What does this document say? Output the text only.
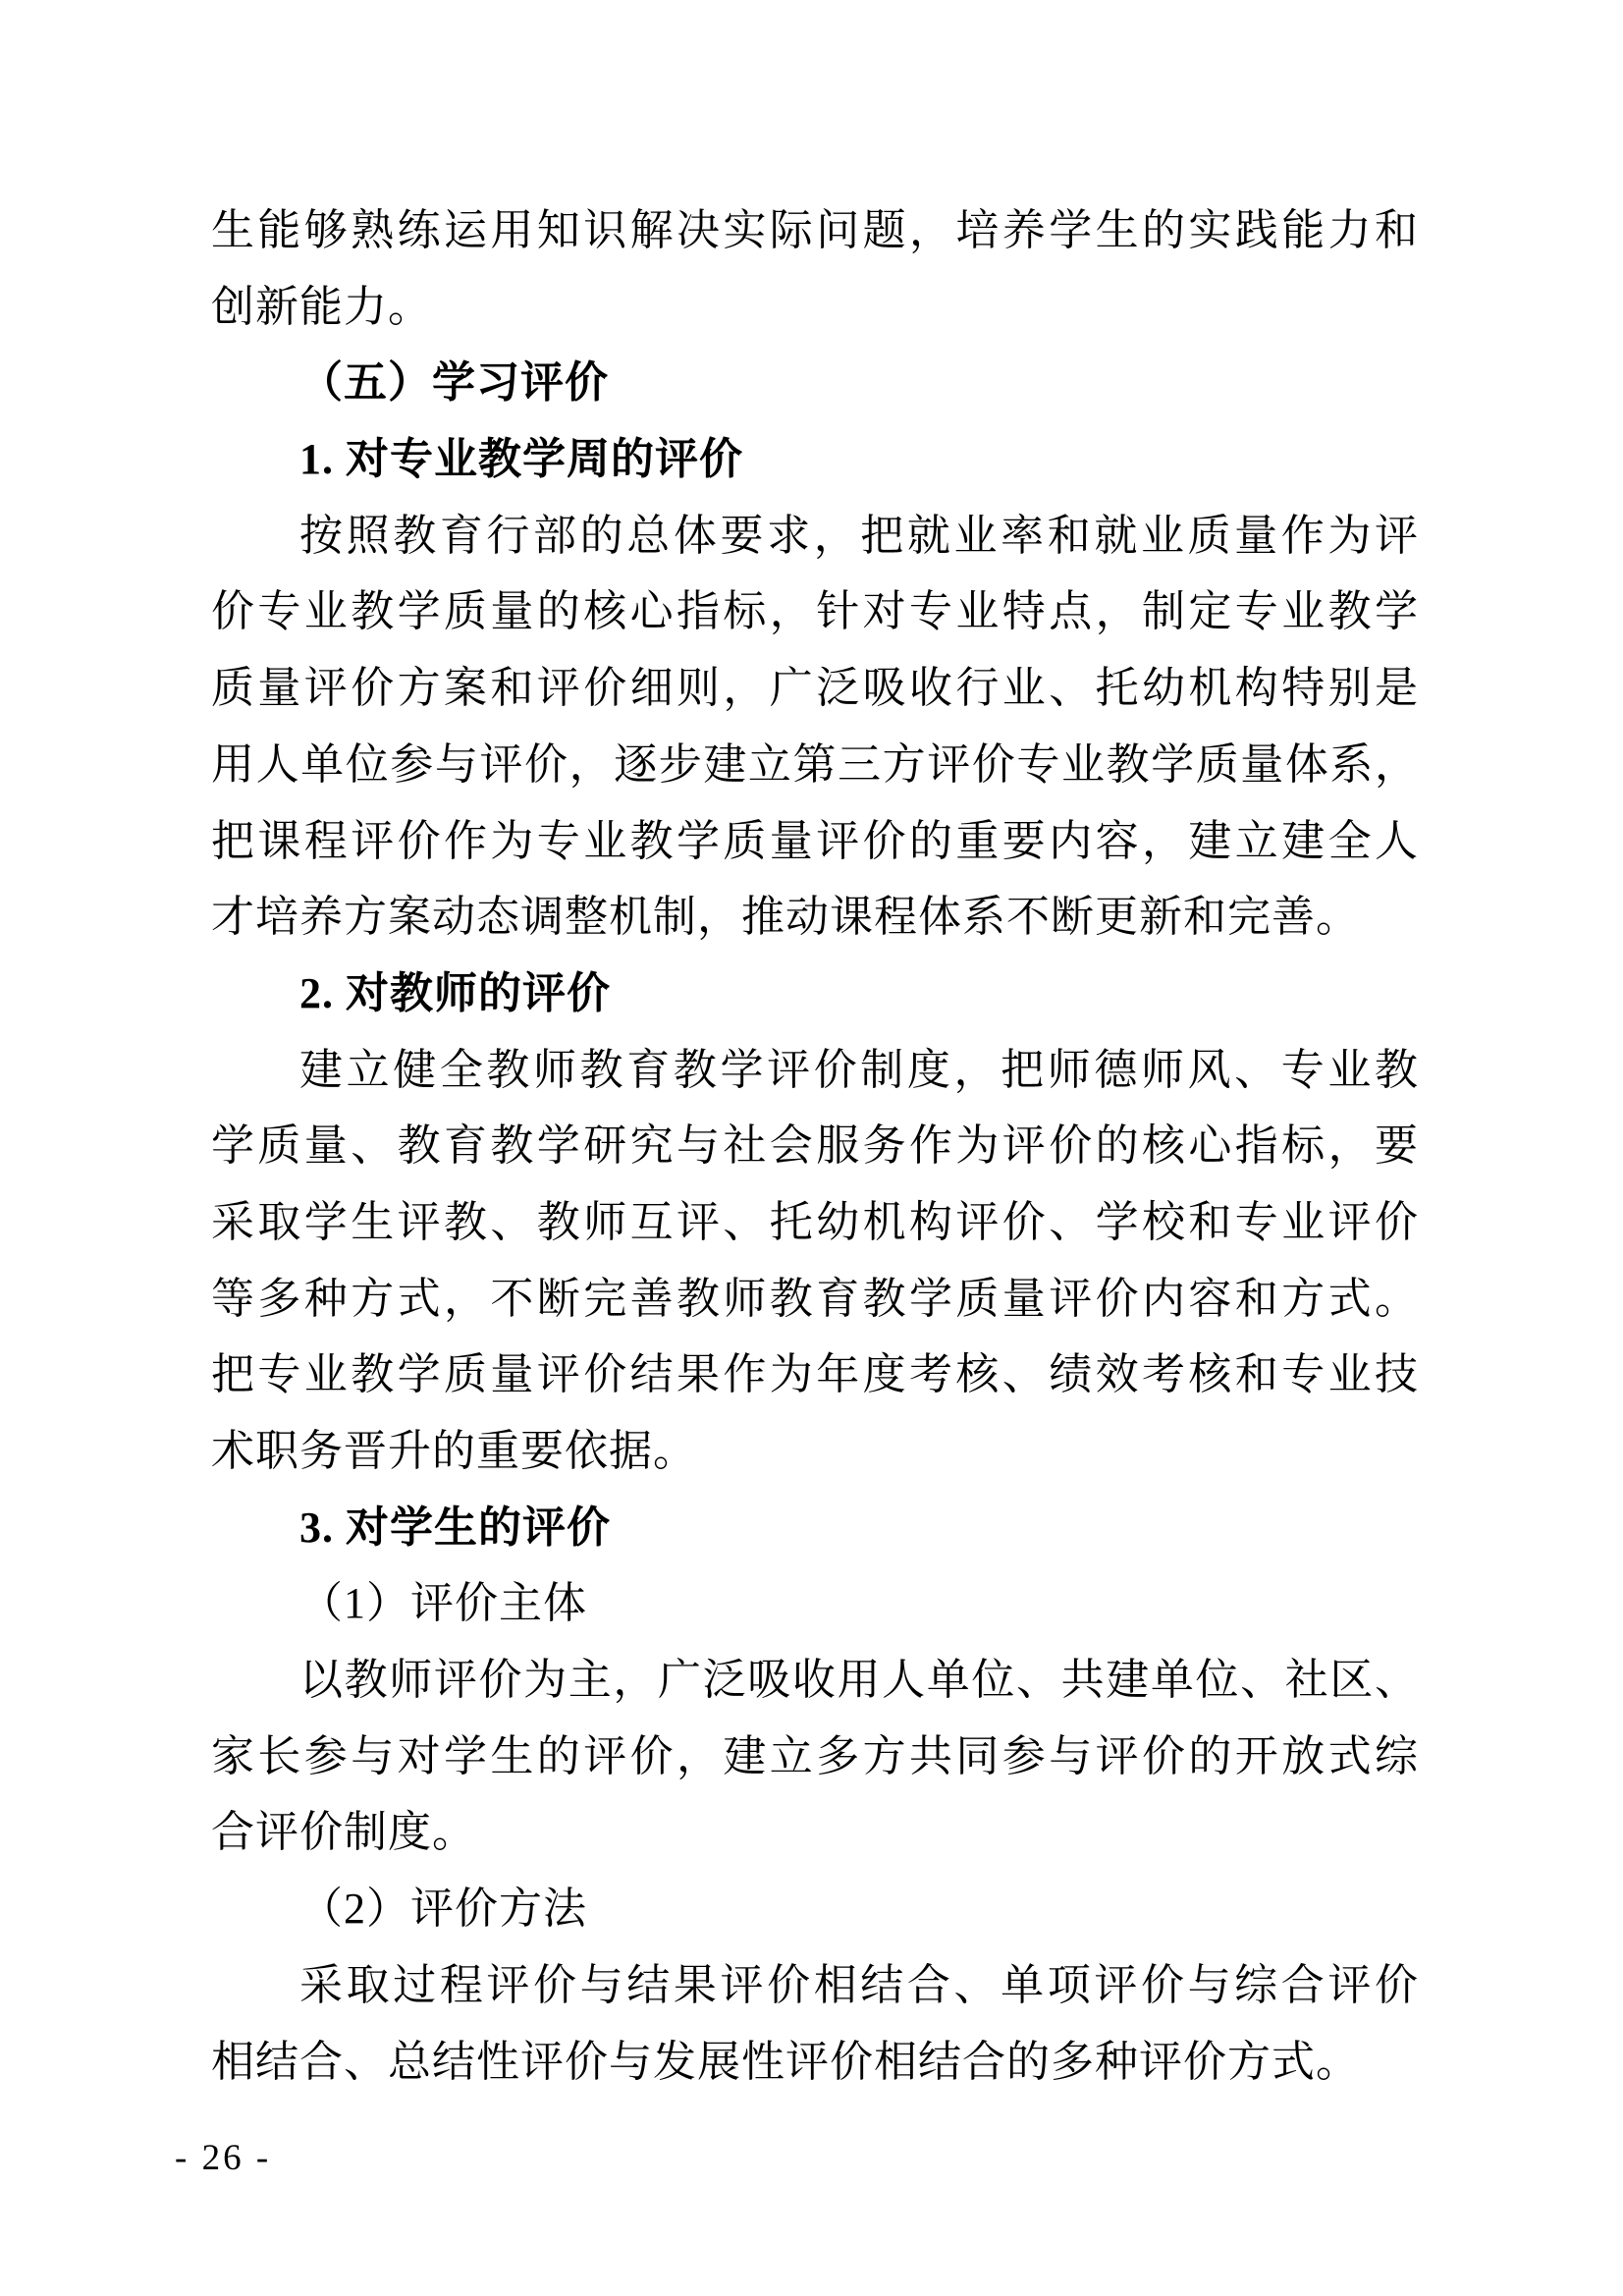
生能够熟练运用知识解决实际问题，培养学生的实践能力和
创新能力。
（五）学习评价
1. 对专业教学周的评价
按照教育行部的总体要求，把就业率和就业质量作为评
价专业教学质量的核心指标，针对专业特点，制定专业教学
质量评价方案和评价细则，广泛吸收行业、托幼机构特别是
用人单位参与评价，逐步建立第三方评价专业教学质量体系，
把课程评价作为专业教学质量评价的重要内容，建立建全人
才培养方案动态调整机制，推动课程体系不断更新和完善。
2. 对教师的评价
建立健全教师教育教学评价制度，把师德师风、专业教
学质量、教育教学研究与社会服务作为评价的核心指标，要
采取学生评教、教师互评、托幼机构评价、学校和专业评价
等多种方式，不断完善教师教育教学质量评价内容和方式。
把专业教学质量评价结果作为年度考核、绩效考核和专业技
术职务晋升的重要依据。
3. 对学生的评价
（1）评价主体
以教师评价为主，广泛吸收用人单位、共建单位、社区、
家长参与对学生的评价，建立多方共同参与评价的开放式综
合评价制度。
（2）评价方法
采取过程评价与结果评价相结合、单项评价与综合评价
相结合、总结性评价与发展性评价相结合的多种评价方式。
- 26 -
